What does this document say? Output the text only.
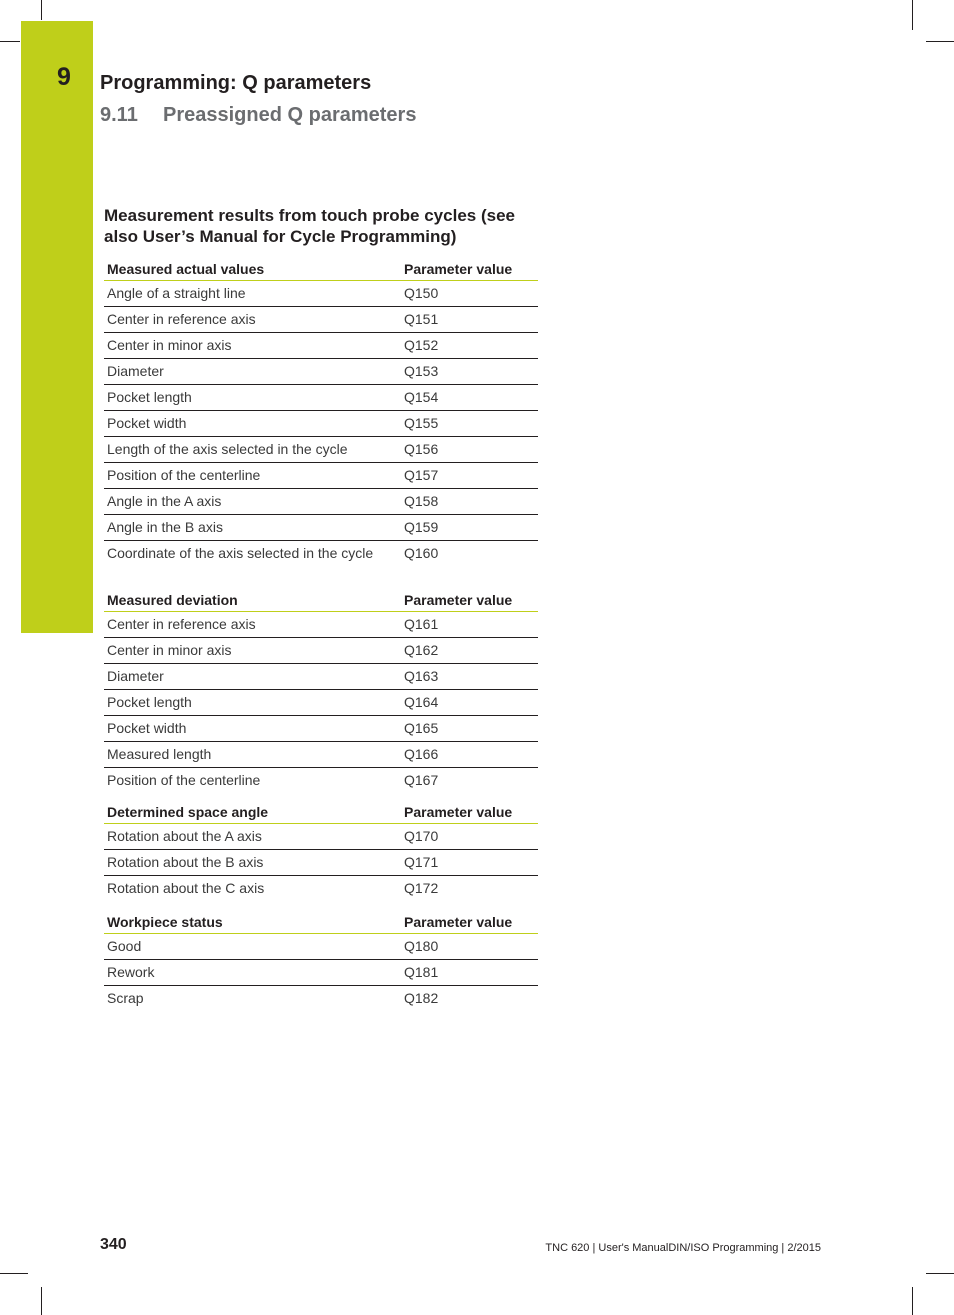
9 Programming: Q parameters
9.11 Preassigned Q parameters
Measurement results from touch probe cycles (see also User’s Manual for Cycle Programming)
Measured actual values	Parameter value
Angle of a straight line	Q150
Center in reference axis	Q151
Center in minor axis	Q152
Diameter	Q153
Pocket length	Q154
Pocket width	Q155
Length of the axis selected in the cycle	Q156
Position of the centerline	Q157
Angle in the A axis	Q158
Angle in the B axis	Q159
Coordinate of the axis selected in the cycle	Q160
Measured deviation	Parameter value
Center in reference axis	Q161
Center in minor axis	Q162
Diameter	Q163
Pocket length	Q164
Pocket width	Q165
Measured length	Q166
Position of the centerline	Q167
Determined space angle	Parameter value
Rotation about the A axis	Q170
Rotation about the B axis	Q171
Rotation about the C axis	Q172
Workpiece status	Parameter value
Good	Q180
Rework	Q181
Scrap	Q182
340	TNC 620 | User's ManualDIN/ISO Programming | 2/2015
